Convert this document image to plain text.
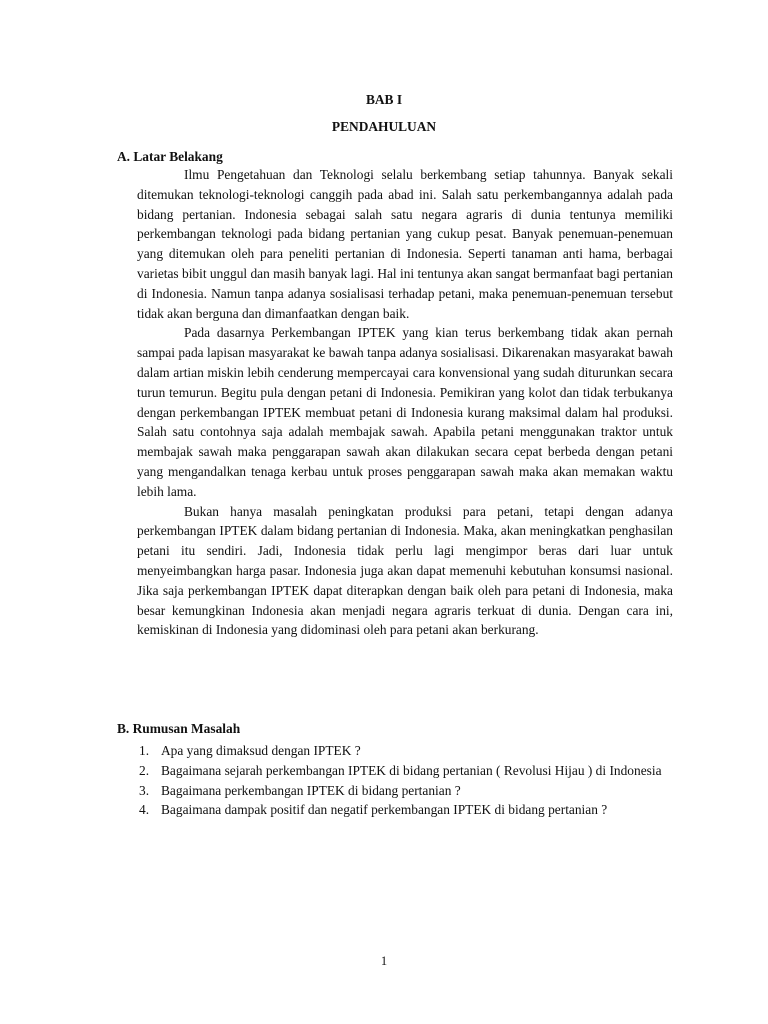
BAB I
PENDAHULUAN
A. Latar Belakang

Ilmu Pengetahuan dan Teknologi selalu berkembang setiap tahunnya. Banyak sekali ditemukan teknologi-teknologi canggih pada abad ini. Salah satu perkembangannya adalah pada bidang pertanian. Indonesia sebagai salah satu negara agraris di dunia tentunya memiliki perkembangan teknologi pada bidang pertanian yang cukup pesat. Banyak penemuan-penemuan yang ditemukan oleh para peneliti pertanian di Indonesia. Seperti tanaman anti hama, berbagai varietas bibit unggul dan masih banyak lagi. Hal ini tentunya akan sangat bermanfaat bagi pertanian di Indonesia. Namun tanpa adanya sosialisasi terhadap petani, maka penemuan-penemuan tersebut tidak akan berguna dan dimanfaatkan dengan baik.

Pada dasarnya Perkembangan IPTEK yang kian terus berkembang tidak akan pernah sampai pada lapisan masyarakat ke bawah tanpa adanya sosialisasi. Dikarenakan masyarakat bawah dalam artian miskin lebih cenderung mempercayai cara konvensional yang sudah diturunkan secara turun temurun. Begitu pula dengan petani di Indonesia. Pemikiran yang kolot dan tidak terbukanya dengan perkembangan IPTEK membuat petani di Indonesia kurang maksimal dalam hal produksi. Salah satu contohnya saja adalah membajak sawah. Apabila petani menggunakan traktor untuk membajak sawah maka penggarapan sawah akan dilakukan secara cepat berbeda dengan petani yang mengandalkan tenaga kerbau untuk proses penggarapan sawah maka akan memakan waktu lebih lama.

Bukan hanya masalah peningkatan produksi para petani, tetapi dengan adanya perkembangan IPTEK dalam bidang pertanian di Indonesia. Maka, akan meningkatkan penghasilan petani itu sendiri. Jadi, Indonesia tidak perlu lagi mengimpor beras dari luar untuk menyeimbangkan harga pasar. Indonesia juga akan dapat memenuhi kebutuhan konsumsi nasional. Jika saja perkembangan IPTEK dapat diterapkan dengan baik oleh para petani di Indonesia, maka besar kemungkinan Indonesia akan menjadi negara agraris terkuat di dunia. Dengan cara ini, kemiskinan di Indonesia yang didominasi oleh para petani akan berkurang.

B. Rumusan Masalah
1. Apa yang dimaksud dengan IPTEK ?
2. Bagaimana sejarah perkembangan IPTEK di bidang pertanian ( Revolusi Hijau ) di Indonesia
3. Bagaimana perkembangan IPTEK di bidang pertanian ?
4. Bagaimana dampak positif dan negatif perkembangan IPTEK di bidang pertanian ?
1
